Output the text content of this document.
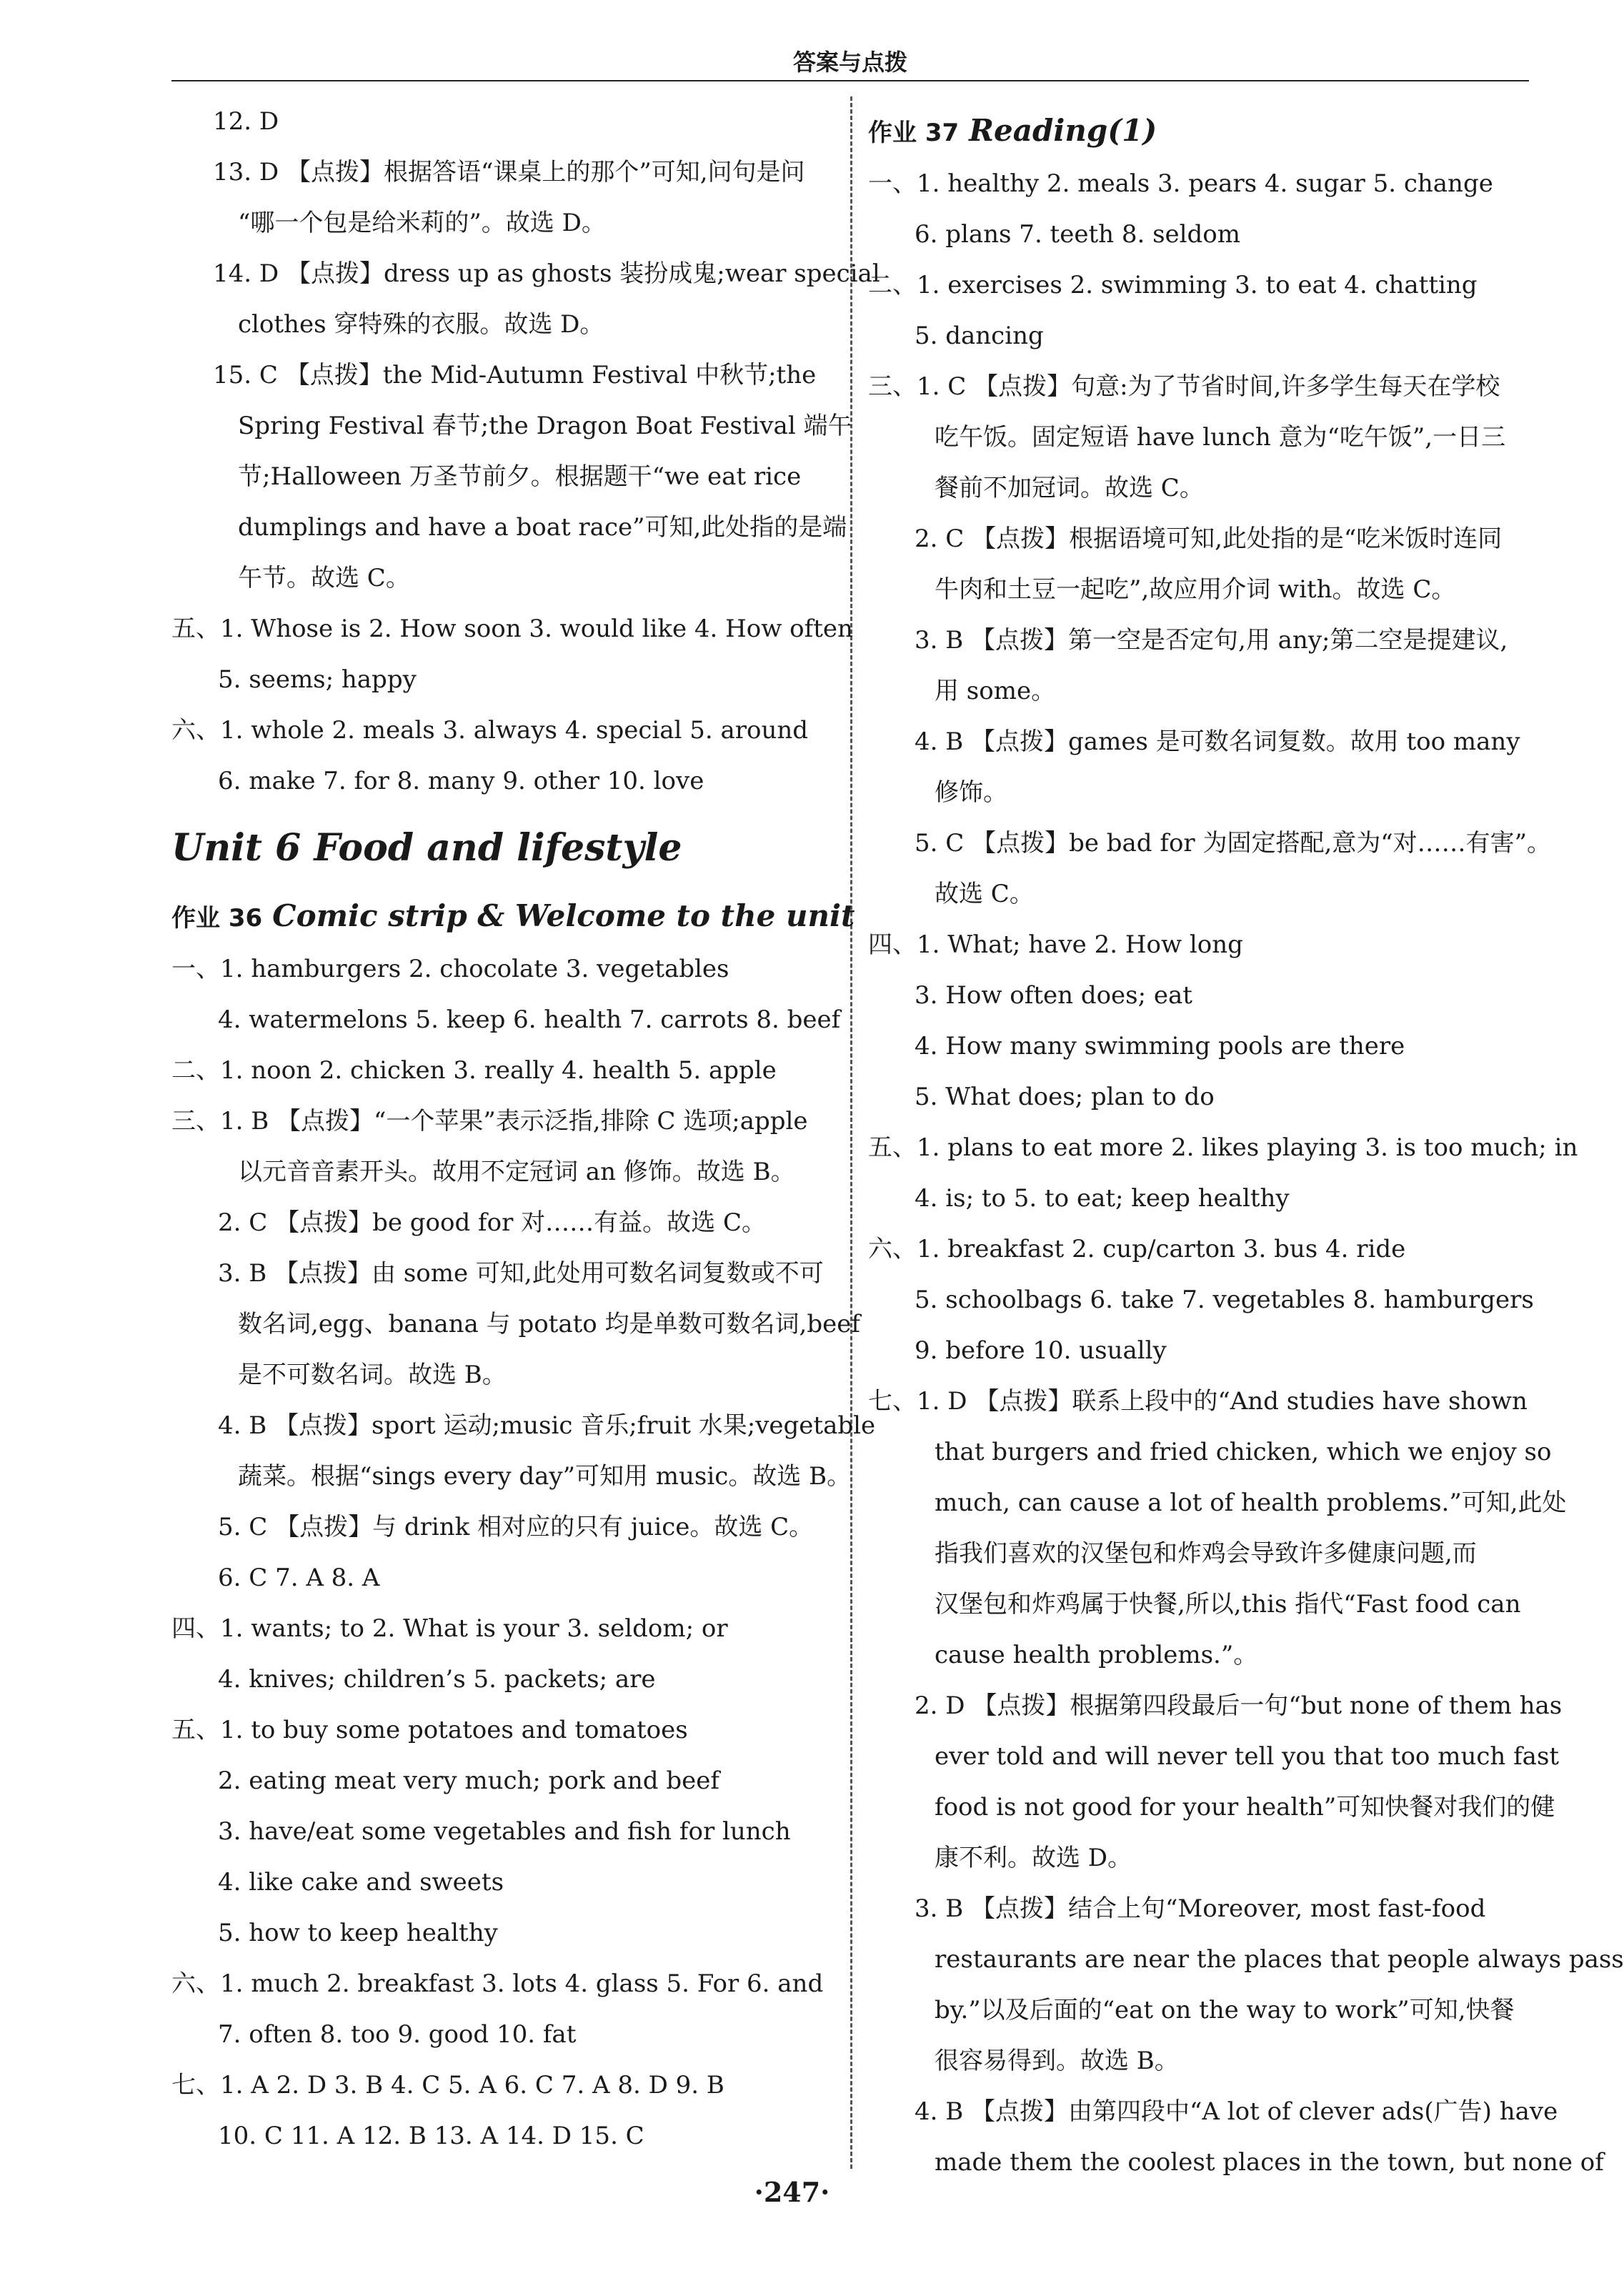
答案与点拨
12. D
13. D 【点拨】根据答语“课桌上的那个”可知,问句是问
“哪一个包是给米莉的”。故选 D。
14. D 【点拨】dress up as ghosts 装扮成鬼;wear special
clothes 穿特殊的衣服。故选 D。
15. C 【点拨】the Mid-Autumn Festival 中秋节;the
Spring Festival 春节;the Dragon Boat Festival 端午
节;Halloween 万圣节前夕。根据题干“we eat rice
dumplings and have a boat race”可知,此处指的是端
午节。故选 C。
五、1. Whose is 2. How soon 3. would like 4. How often
5. seems; happy
六、1. whole 2. meals 3. always 4. special 5. around
6. make 7. for 8. many 9. other 10. love
Unit 6 Food and lifestyle
作业 36 Comic strip & Welcome to the unit
一、1. hamburgers 2. chocolate 3. vegetables
4. watermelons 5. keep 6. health 7. carrots 8. beef
二、1. noon 2. chicken 3. really 4. health 5. apple
三、1. B 【点拨】“一个苹果”表示泛指,排除 C 选项;apple
以元音音素开头。故用不定冠词 an 修饰。故选 B。
2. C 【点拨】be good for 对……有益。故选 C。
3. B 【点拨】由 some 可知,此处用可数名词复数或不可
数名词,egg、banana 与 potato 均是单数可数名词,beef
是不可数名词。故选 B。
4. B 【点拨】sport 运动;music 音乐;fruit 水果;vegetable
蔬菜。根据“sings every day”可知用 music。故选 B。
5. C 【点拨】与 drink 相对应的只有 juice。故选 C。
6. C 7. A 8. A
四、1. wants; to 2. What is your 3. seldom; or
4. knives; children’s 5. packets; are
五、1. to buy some potatoes and tomatoes
2. eating meat very much; pork and beef
3. have/eat some vegetables and fish for lunch
4. like cake and sweets
5. how to keep healthy
六、1. much 2. breakfast 3. lots 4. glass 5. For 6. and
7. often 8. too 9. good 10. fat
七、1. A 2. D 3. B 4. C 5. A 6. C 7. A 8. D 9. B
10. C 11. A 12. B 13. A 14. D 15. C
作业 37 Reading(1)
一、1. healthy 2. meals 3. pears 4. sugar 5. change
6. plans 7. teeth 8. seldom
二、1. exercises 2. swimming 3. to eat 4. chatting
5. dancing
三、1. C 【点拨】句意:为了节省时间,许多学生每天在学校
吃午饭。固定短语 have lunch 意为“吃午饭”,一日三
餐前不加冠词。故选 C。
2. C 【点拨】根据语境可知,此处指的是“吃米饭时连同
牛肉和土豆一起吃”,故应用介词 with。故选 C。
3. B 【点拨】第一空是否定句,用 any;第二空是提建议,
用 some。
4. B 【点拨】games 是可数名词复数。故用 too many
修饰。
5. C 【点拨】be bad for 为固定搭配,意为“对……有害”。
故选 C。
四、1. What; have 2. How long
3. How often does; eat
4. How many swimming pools are there
5. What does; plan to do
五、1. plans to eat more 2. likes playing 3. is too much; in
4. is; to 5. to eat; keep healthy
六、1. breakfast 2. cup/carton 3. bus 4. ride
5. schoolbags 6. take 7. vegetables 8. hamburgers
9. before 10. usually
七、1. D 【点拨】联系上段中的“And studies have shown
that burgers and fried chicken, which we enjoy so
much, can cause a lot of health problems.”可知,此处
指我们喜欢的汉堡包和炸鸡会导致许多健康问题,而
汉堡包和炸鸡属于快餐,所以,this 指代“Fast food can
cause health problems.”。
2. D 【点拨】根据第四段最后一句“but none of them has
ever told and will never tell you that too much fast
food is not good for your health”可知快餐对我们的健
康不利。故选 D。
3. B 【点拨】结合上句“Moreover, most fast-food
restaurants are near the places that people always pass
by.”以及后面的“eat on the way to work”可知,快餐
很容易得到。故选 B。
4. B 【点拨】由第四段中“A lot of clever ads(广告) have
made them the coolest places in the town, but none of
·247·
